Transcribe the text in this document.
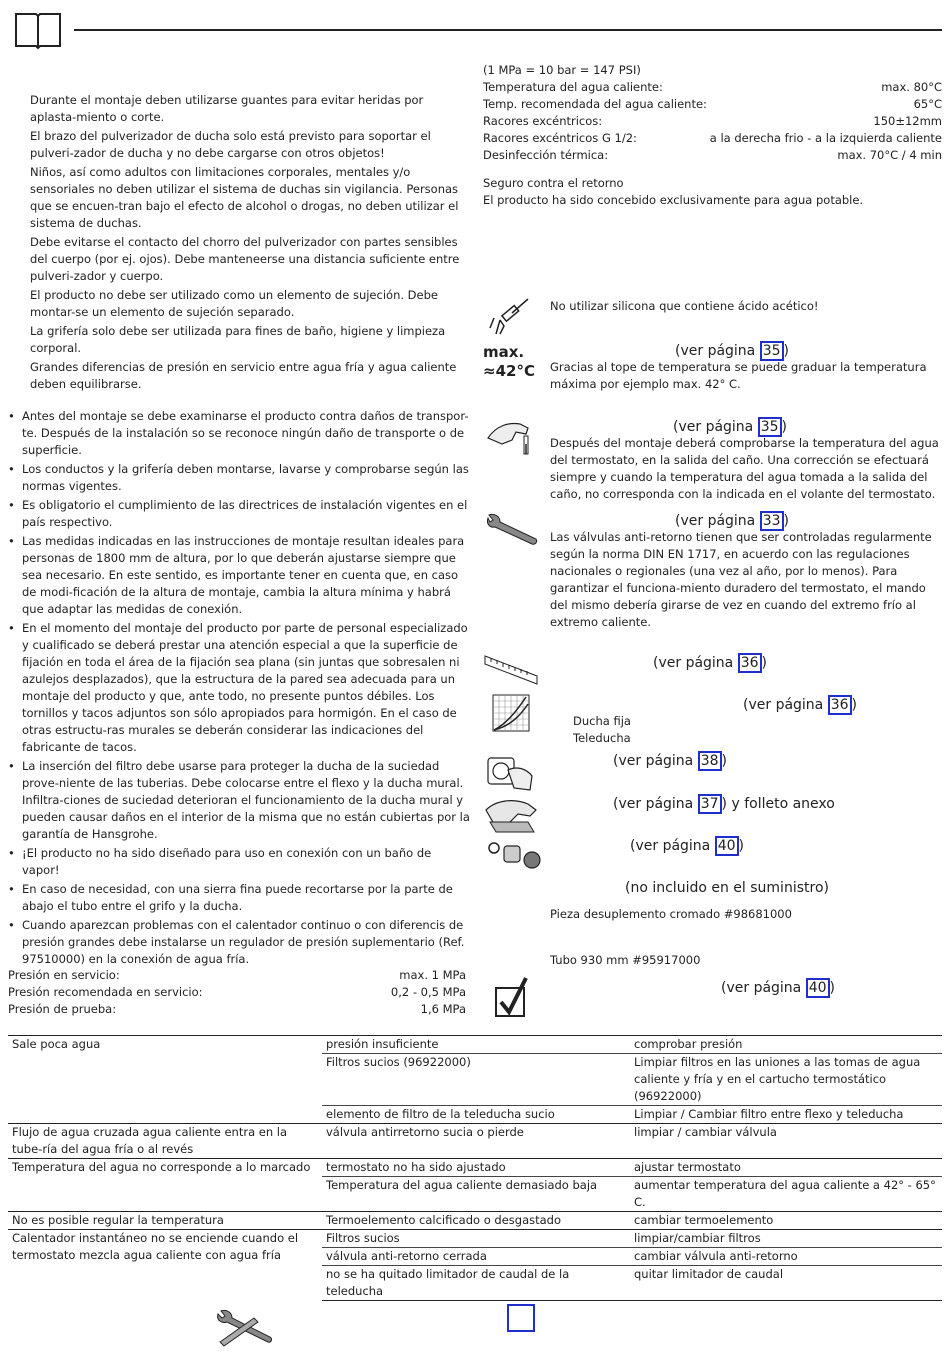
Durante el montaje deben utilizarse guantes para evitar heridas por aplasta-miento o corte.

El brazo del pulverizador de ducha solo está previsto para soportar el pulveri-zador de ducha y no debe cargarse con otros objetos!

Niños, así como adultos con limitaciones corporales, mentales y/o sensoriales no deben utilizar el sistema de duchas sin vigilancia. Personas que se encuen-tran bajo el efecto de alcohol o drogas, no deben utilizar el sistema de duchas.

Debe evitarse el contacto del chorro del pulverizador con partes sensibles del cuerpo (por ej. ojos). Debe manteneerse una distancia suficiente entre pulveri-zador y cuerpo.

El producto no debe ser utilizado como un elemento de sujeción. Debe montar-se un elemento de sujeción separado.

La grifería solo debe ser utilizada para fines de baño, higiene y limpieza corporal.

Grandes diferencias de presión en servicio entre agua fría y agua caliente deben equilibrarse.

• Antes del montaje se debe examinarse el producto contra daños de transpor-te. Después de la instalación so se reconoce ningún daño de transporte o de superficie.
• Los conductos y la grifería deben montarse, lavarse y comprobarse según las normas vigentes.
• Es obligatorio el cumplimiento de las directrices de instalación vigentes en el país respectivo.
• Las medidas indicadas en las instrucciones de montaje resultan ideales para personas de 1800 mm de altura, por lo que deberán ajustarse siempre que sea necesario. En este sentido, es importante tener en cuenta que, en caso de modi-ficación de la altura de montaje, cambia la altura mínima y habrá que adaptar las medidas de conexión.
• En el momento del montaje del producto por parte de personal especializado y cualificado se deberá prestar una atención especial a que la superficie de fijación en toda el área de la fijación sea plana (sin juntas que sobresalen ni azulejos desplazados), que la estructura de la pared sea adecuada para un montaje del producto y que, ante todo, no presente puntos débiles. Los tornillos y tacos adjuntos son sólo apropiados para hormigón. En el caso de otras estructu-ras murales se deberán considerar las indicaciones del fabricante de tacos.
• La inserción del filtro debe usarse para proteger la ducha de la suciedad prove-niente de las tuberias. Debe colocarse entre el flexo y la ducha mural. Infiltra-ciones de suciedad deterioran el funcionamiento de la ducha mural y pueden causar daños en el interior de la misma que no están cubiertas por la garantía de Hansgrohe.
• ¡El producto no ha sido diseñado para uso en conexión con un baño de vapor!
• En caso de necesidad, con una sierra fina puede recortarse por la parte de abajo el tubo entre el grifo y la ducha.
• Cuando aparezcan problemas con el calentador continuo o con diferencis de presión grandes debe instalarse un regulador de presión suplementario (Ref. 97510000) en la conexión de agua fría.
Presión en servicio:	max. 1 MPa
Presión recomendada en servicio:	0,2 - 0,5 MPa
Presión de prueba:	1,6 MPa
(1 MPa = 10 bar = 147 PSI)
Temperatura del agua caliente:	max. 80°C
Temp. recomendada del agua caliente:	65°C
Racores excéntricos:	150±12mm
Racores excéntricos G 1/2:	a la derecha frio - a la izquierda caliente
Desinfección térmica:	max. 70°C / 4 min
Seguro contra el retorno
El producto ha sido concebido exclusivamente para agua potable.
No utilizar silicona que contiene ácido acético!
max.
≈42°C
(ver página 35 )
Gracias al tope de temperatura se puede graduar la temperatura máxima por ejemplo max. 42° C.
(ver página 35 )
Después del montaje deberá comprobarse la temperatura del agua del termostato, en la salida del caño. Una corrección se efectuará siempre y cuando la temperatura del agua tomada a la salida del caño, no corresponda con la indicada en el volante del termostato.
(ver página 33 )
Las válvulas anti-retorno tienen que ser controladas regularmente según la norma DIN EN 1717, en acuerdo con las regulaciones nacionales o regionales (una vez al año, por lo menos). Para garantizar el funciona-miento duradero del termostato, el mando del mismo debería girarse de vez en cuando del extremo frío al extremo caliente.
(ver página 36 )
(ver página 36 )
Ducha fija
Teleducha
(ver página 38 )
(ver página 37 ) y folleto anexo
(ver página 40 )
(no incluido en el suministro)
Pieza desuplemento cromado #98681000
Tubo 930 mm #95917000
(ver página 40 )
Sale poca agua	presión insuficiente	comprobar presión
	Filtros sucios (96922000)	Limpiar filtros en las uniones a las tomas de agua caliente y fría y en el cartucho termostático (96922000)
	elemento de filtro de la teleducha sucio	Limpiar / Cambiar filtro entre flexo y teleducha
Flujo de agua cruzada agua caliente entra en la tube-ría del agua fría o al revés	válvula antirretorno sucia o pierde	limpiar / cambiar válvula
Temperatura del agua no corresponde a lo marcado	termostato no ha sido ajustado	ajustar termostato
	Temperatura del agua caliente demasiado baja	aumentar temperatura del agua caliente a 42° - 65° C.
No es posible regular la temperatura	Termoelemento calcificado o desgastado	cambiar termoelemento
Calentador instantáneo no se enciende cuando el termostato mezcla agua caliente con agua fría	Filtros sucios	limpiar/cambiar filtros
	válvula anti-retorno cerrada	cambiar válvula anti-retorno
	no se ha quitado limitador de caudal de la teleducha	quitar limitador de caudal
